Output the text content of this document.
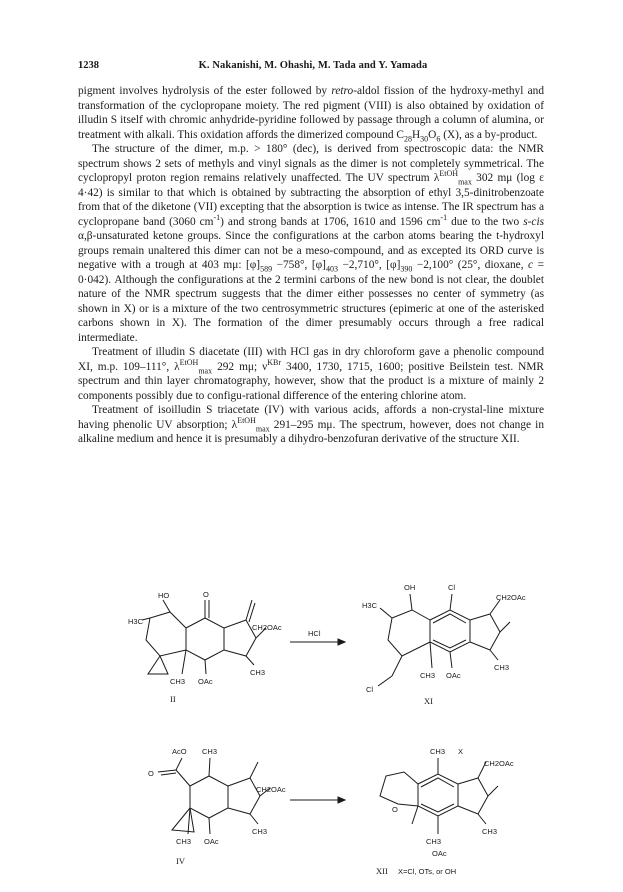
1238	K. Nakanishi, M. Ohashi, M. Tada and Y. Yamada

pigment involves hydrolysis of the ester followed by retro-aldol fission of the hydroxy-methyl and transformation of the cyclopropane moiety. The red pigment (VIII) is also obtained by oxidation of illudin S itself with chromic anhydride-pyridine followed by passage through a column of alumina, or treatment with alkali. This oxidation affords the dimerized compound $C_{28}H_{30}O_6$ (X), as a by-product.

The structure of the dimer, m.p. > 180° (dec), is derived from spectroscopic data: the NMR spectrum shows 2 sets of methyls and vinyl signals as the dimer is not completely symmetrical. The cyclopropyl proton region remains relatively unaffected. The UV spectrum $\lambda^{EtOH}_{max}$ 302 mμ (log ε 4·42) is similar to that which is obtained by subtracting the absorption of ethyl 3,5-dinitrobenzoate from that of the diketone (VII) excepting that the absorption is twice as intense. The IR spectrum has a cyclopropane band (3060 $cm^{-1}$) and strong bands at 1706, 1610 and 1596 $cm^{-1}$ due to the two s-cis α,β-unsaturated ketone groups. Since the configurations at the carbon atoms bearing the t-hydroxyl groups remain unaltered this dimer can not be a meso-compound, and as excepted its ORD curve is negative with a trough at 403 mμ: $[\varphi]_{589} -758^\circ$, $[\varphi]_{403} -2,710^\circ$, $[\varphi]_{390} -2,100^\circ$ (25°, dioxane, c = 0·042). Although the configurations at the 2 termini carbons of the new bond is not clear, the doublet nature of the NMR spectrum suggests that the dimer either possesses no center of symmetry (as shown in X) or is a mixture of the two centrosymmetric structures (epimeric at one of the asterisked carbons shown in X). The formation of the dimer presumably occurs through a free radical intermediate.

Treatment of illudin S diacetate (III) with HCl gas in dry chloroform gave a phenolic compound XI, m.p. 109–111°, $\lambda^{EtOH}_{max}$ 292 mμ; $\nu^{KBr}$ 3400, 1730, 1715, 1600; positive Beilstein test. NMR spectrum and thin layer chromatography, however, show that the product is a mixture of mainly 2 components possibly due to configu-rational difference of the entering chlorine atom.

Treatment of isoilludin S triacetate (IV) with various acids, affords a non-crystal-line mixture having phenolic UV absorption; $\lambda^{EtOH}_{max}$ 291–295 mμ. The spectrum, however, does not change in alkaline medium and hence it is presumably a dihydro-benzofuran derivative of the structure XII.

HO	O
H3C
CH2OAc
CH3
CH3 OAc
II
HCl
OH	Cl
H3C
CH2OAc
CH3
CH3 OAc
Cl
XI
AcO CH3
O
CH2OAc
CH3
CH3 OAc
IV
CH3 X
O
CH2OAc
CH3
CH3
OAc
XII X=Cl, OTs, or OH
